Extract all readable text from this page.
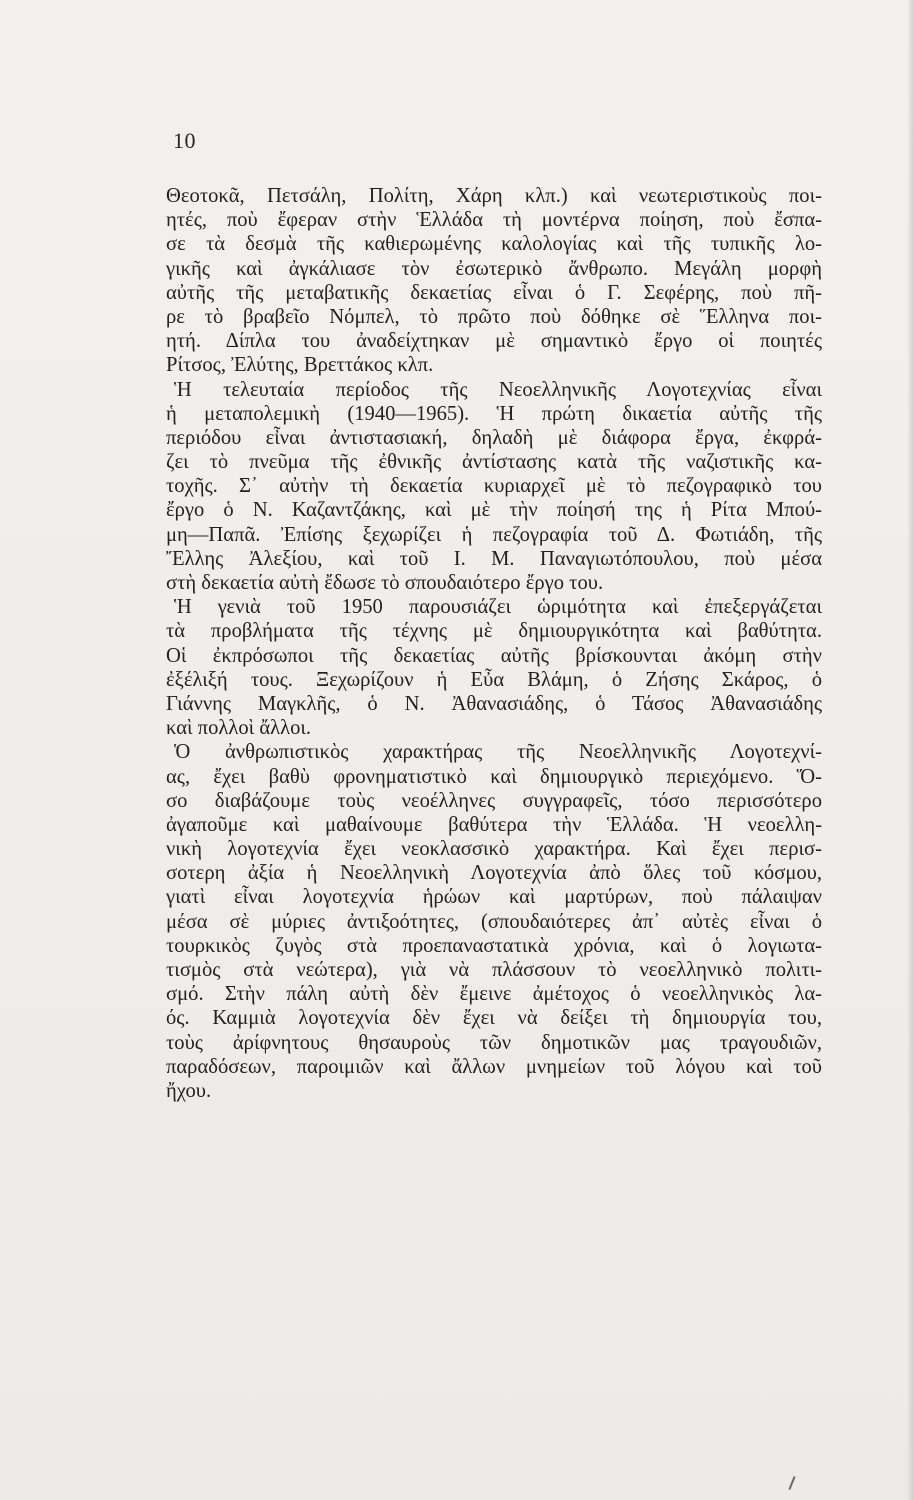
10
Θεοτοκᾶ, Πετσάλη, Πολίτη, Χάρη κλπ.) καὶ νεωτεριστικοὺς ποι-
ητές, ποὺ ἔφεραν στὴν Ἑλλάδα τὴ μοντέρνα ποίηση, ποὺ ἔσπα-
σε τὰ δεσμὰ τῆς καθιερωμένης καλολογίας καὶ τῆς τυπικῆς λο-
γικῆς καὶ ἀγκάλιασε τὸν ἐσωτερικὸ ἄνθρωπο. Μεγάλη μορφὴ
αὐτῆς τῆς μεταβατικῆς δεκαετίας εἶναι ὁ Γ. Σεφέρης, ποὺ πῆ-
ρε τὸ βραβεῖο Νόμπελ, τὸ πρῶτο ποὺ δόθηκε σὲ Ἕλληνα ποι-
ητή. Δίπλα του ἀναδείχτηκαν μὲ σημαντικὸ ἔργο οἱ ποιητές
Ρίτσος, Ἐλύτης, Βρεττάκος κλπ.
Ἡ τελευταία περίοδος τῆς Νεοελληνικῆς Λογοτεχνίας εἶναι
ἡ μεταπολεμικὴ (1940—1965). Ἡ πρώτη δικαετία αὐτῆς τῆς
περιόδου εἶναι ἀντιστασιακή, δηλαδὴ μὲ διάφορα ἔργα, ἐκφρά-
ζει τὸ πνεῦμα τῆς ἐθνικῆς ἀντίστασης κατὰ τῆς ναζιστικῆς κα-
τοχῆς. Σ᾿ αὐτὴν τὴ δεκαετία κυριαρχεῖ μὲ τὸ πεζογραφικὸ του
ἔργο ὁ Ν. Καζαντζάκης, καὶ μὲ τὴν ποίησή της ἡ Ρίτα Μπού-
μη—Παπᾶ. Ἐπίσης ξεχωρίζει ἡ πεζογραφία τοῦ Δ. Φωτιάδη, τῆς
Ἔλλης Ἀλεξίου, καὶ τοῦ Ι. Μ. Παναγιωτόπουλου, ποὺ μέσα
στὴ δεκαετία αὐτὴ ἔδωσε τὸ σπουδαιότερο ἔργο του.
Ἡ γενιὰ τοῦ 1950 παρουσιάζει ὡριμότητα καὶ ἐπεξεργάζεται
τὰ προβλήματα τῆς τέχνης μὲ δημιουργικότητα καὶ βαθύτητα.
Οἱ ἐκπρόσωποι τῆς δεκαετίας αὐτῆς βρίσκουνται ἀκόμη στὴν
ἐξέλιξή τους. Ξεχωρίζουν ἡ Εὖα Βλάμη, ὁ Ζήσης Σκάρος, ὁ
Γιάννης Μαγκλῆς, ὁ Ν. Ἀθανασιάδης, ὁ Τάσος Ἀθανασιάδης
καὶ πολλοὶ ἄλλοι.
Ὁ ἀνθρωπιστικὸς χαρακτήρας τῆς Νεοελληνικῆς Λογοτεχνί-
ας, ἔχει βαθὺ φρονηματιστικὸ καὶ δημιουργικὸ περιεχόμενο. Ὅ-
σο διαβάζουμε τοὺς νεοέλληνες συγγραφεῖς, τόσο περισσότερο
ἀγαποῦμε καὶ μαθαίνουμε βαθύτερα τὴν Ἑλλάδα. Ἡ νεοελλη-
νικὴ λογοτεχνία ἔχει νεοκλασσικὸ χαρακτήρα. Καὶ ἔχει περισ-
σοτερη ἀξία ἡ Νεοελληνικὴ Λογοτεχνία ἀπὸ ὅλες τοῦ κόσμου,
γιατὶ εἶναι λογοτεχνία ἡρώων καὶ μαρτύρων, ποὺ πάλαιψαν
μέσα σὲ μύριες ἀντιξοότητες, (σπουδαιότερες ἀπ᾿ αὐτὲς εἶναι ὁ
τουρκικὸς ζυγὸς στὰ προεπαναστατικὰ χρόνια, καὶ ὁ λογιωτα-
τισμὸς στὰ νεώτερα), γιὰ νὰ πλάσσουν τὸ νεοελληνικὸ πολιτι-
σμό. Στὴν πάλη αὐτὴ δὲν ἔμεινε ἀμέτοχος ὁ νεοελληνικὸς λα-
ός. Καμμιὰ λογοτεχνία δὲν ἔχει νὰ δείξει τὴ δημιουργία του,
τοὺς ἀρίφνητους θησαυροὺς τῶν δημοτικῶν μας τραγουδιῶν,
παραδόσεων, παροιμιῶν καὶ ἄλλων μνημείων τοῦ λόγου καὶ τοῦ
ἤχου.
